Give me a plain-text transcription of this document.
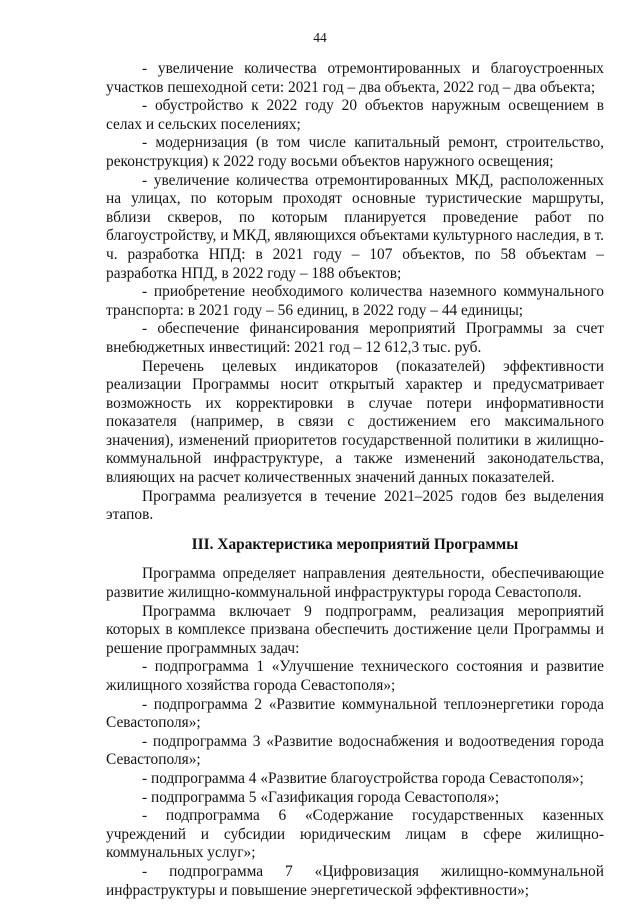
44

- увеличение количества отремонтированных и благоустроенных участков пешеходной сети: 2021 год – два объекта, 2022 год – два объекта;

- обустройство к 2022 году 20 объектов наружным освещением в селах и сельских поселениях;

- модернизация (в том числе капитальный ремонт, строительство, реконструкция) к 2022 году восьми объектов наружного освещения;

- увеличение количества отремонтированных МКД, расположенных на улицах, по которым проходят основные туристические маршруты, вблизи скверов, по которым планируется проведение работ по благоустройству, и МКД, являющихся объектами культурного наследия, в т. ч. разработка НПД: в 2021 году – 107 объектов, по 58 объектам – разработка НПД, в 2022 году – 188 объектов;

- приобретение необходимого количества наземного коммунального транспорта: в 2021 году – 56 единиц, в 2022 году – 44 единицы;

- обеспечение финансирования мероприятий Программы за счет внебюджетных инвестиций: 2021 год – 12 612,3 тыс. руб.

Перечень целевых индикаторов (показателей) эффективности реализации Программы носит открытый характер и предусматривает возможность их корректировки в случае потери информативности показателя (например, в связи с достижением его максимального значения), изменений приоритетов государственной политики в жилищно-коммунальной инфраструктуре, а также изменений законодательства, влияющих на расчет количественных значений данных показателей.

Программа реализуется в течение 2021–2025 годов без выделения этапов.

III. Характеристика мероприятий Программы

Программа определяет направления деятельности, обеспечивающие развитие жилищно-коммунальной инфраструктуры города Севастополя.

Программа включает 9 подпрограмм, реализация мероприятий которых в комплексе призвана обеспечить достижение цели Программы и решение программных задач:

- подпрограмма 1 «Улучшение технического состояния и развитие жилищного хозяйства города Севастополя»;

- подпрограмма 2 «Развитие коммунальной теплоэнергетики города Севастополя»;

- подпрограмма 3 «Развитие водоснабжения и водоотведения города Севастополя»;

- подпрограмма 4 «Развитие благоустройства города Севастополя»;

- подпрограмма 5 «Газификация города Севастополя»;

- подпрограмма 6 «Содержание государственных казенных учреждений и субсидии юридическим лицам в сфере жилищно-коммунальных услуг»;

- подпрограмма 7 «Цифровизация жилищно-коммунальной инфраструктуры и повышение энергетической эффективности»;
